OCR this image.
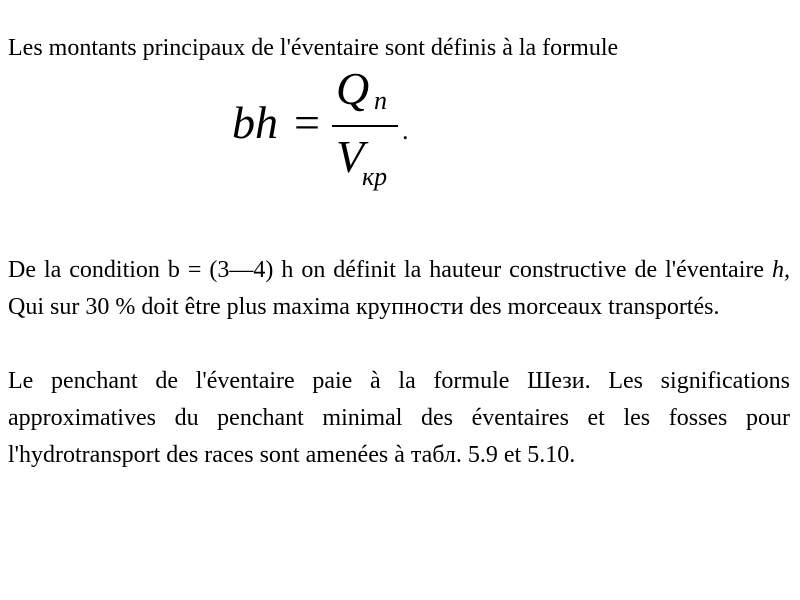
Les montants principaux de l'éventaire sont définis à la formule

bh =
Q n
V
кр
.

De la condition b = (3—4) h on définit la hauteur constructive de l'éventaire h, Qui sur 30 % doit être plus maxima крупности des morceaux transportés.

Le penchant de l'éventaire paie à la formule Шези. Les significations approximatives du penchant minimal des éventaires et les fosses pour l'hydrotransport des races sont amenées à табл. 5.9 et 5.10.
